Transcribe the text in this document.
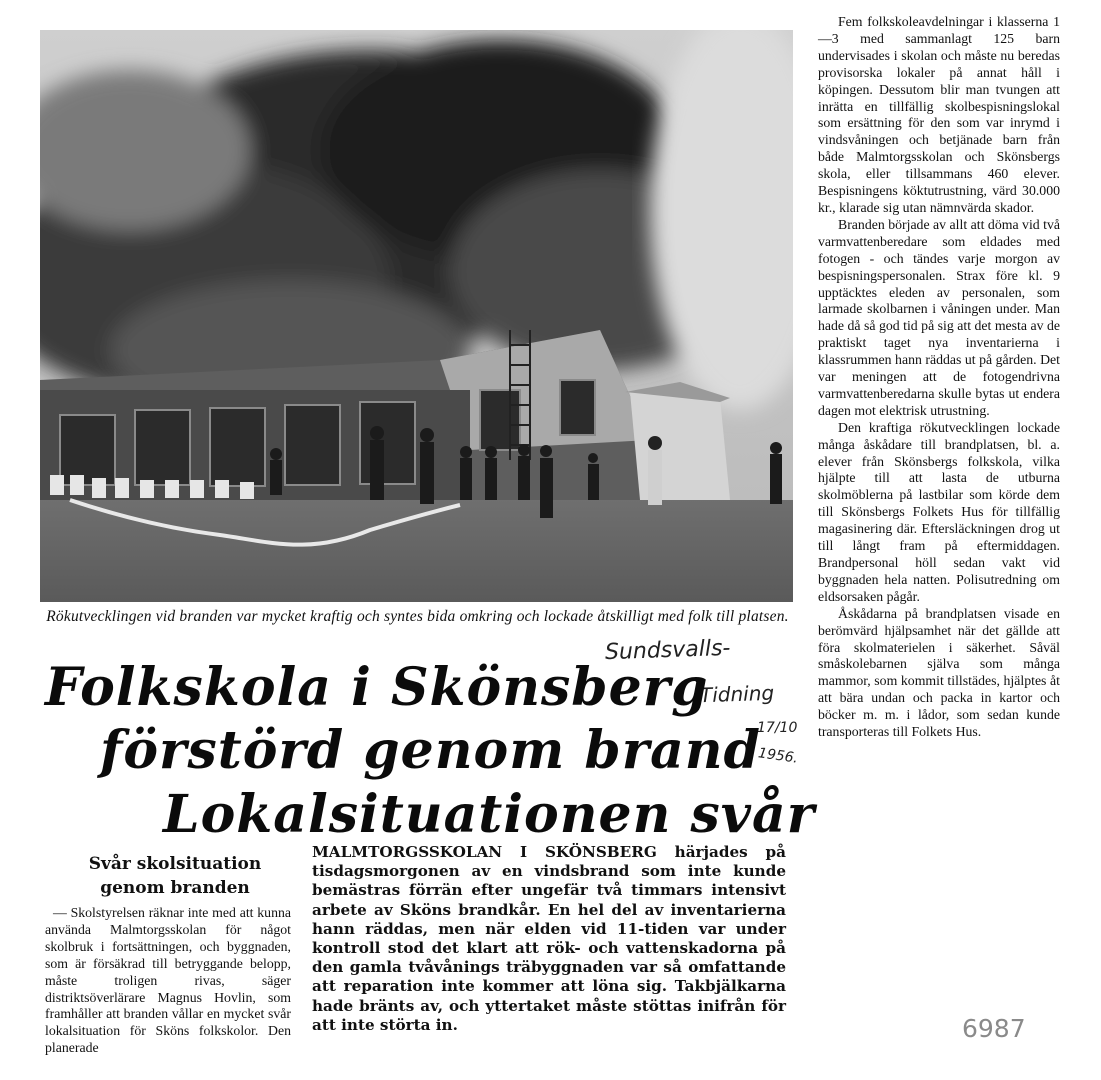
Rökutvecklingen vid branden var mycket kraftig och syntes bida omkring och lockade åtskilligt med folk till platsen.
Sundsvalls-
Tidning
17/10
1956.
Folkskola i Skönsberg
förstörd genom brand
Lokalsituationen svår
Svår skolsituation
genom branden

— Skolstyrelsen räknar inte med att kunna använda Malmtorgsskolan för något skolbruk i fortsättningen, och byggnaden, som är försäkrad till betryggande belopp, måste troligen rivas, säger distriktsöverlärare Magnus Hovlin, som framhåller att branden vållar en mycket svår lokalsituation för Sköns folkskolor. Den planerade

MALMTORGSSKOLAN I SKÖNSBERG härjades på tisdagsmorgonen av en vindsbrand som inte kunde bemästras förrän efter ungefär två timmars intensivt arbete av Sköns brandkår. En hel del av inventarierna hann räddas, men när elden vid 11-tiden var under kontroll stod det klart att rök- och vattenskadorna på den gamla tvåvånings träbyggnaden var så omfattande att reparation inte kommer att löna sig. Takbjälkarna hade bränts av, och yttertaket måste stöttas inifrån för att inte störta in.

Fem folkskoleavdelningar i klasserna 1—3 med sammanlagt 125 barn undervisades i skolan och måste nu beredas provisorska lokaler på annat håll i köpingen. Dessutom blir man tvungen att inrätta en tillfällig skolbespisningslokal som ersättning för den som var inrymd i vindsvåningen och betjänade barn från både Malmtorgsskolan och Skönsbergs skola, eller tillsammans 460 elever. Bespisningens köktutrustning, värd 30.000 kr., klarade sig utan nämnvärda skador.

Branden började av allt att döma vid två varmvattenberedare som eldades med fotogen - och tändes varje morgon av bespisningspersonalen. Strax före kl. 9 upptäcktes eleden av personalen, som larmade skolbarnen i våningen under. Man hade då så god tid på sig att det mesta av de praktiskt taget nya inventarierna i klassrummen hann räddas ut på gården. Det var meningen att de fotogendrivna varmvattenberedarna skulle bytas ut endera dagen mot elektrisk utrustning.

Den kraftiga rökutvecklingen lockade många åskådare till brandplatsen, bl. a. elever från Skönsbergs folkskola, vilka hjälpte till att lasta de utburna skolmöblerna på lastbilar som körde dem till Skönsbergs Folkets Hus för tillfällig magasinering där. Eftersläckningen drog ut till långt fram på eftermiddagen. Brandpersonal höll sedan vakt vid byggnaden hela natten. Polisutredning om eldsorsaken pågår.

Åskådarna på brandplatsen visade en berömvärd hjälpsamhet när det gällde att föra skolmaterielen i säkerhet. Såväl småskolebarnen själva som många mammor, som kommit tillstädes, hjälptes åt att bära undan och packa in kartor och böcker m. m. i lådor, som sedan kunde transporteras till Folkets Hus.

6987
